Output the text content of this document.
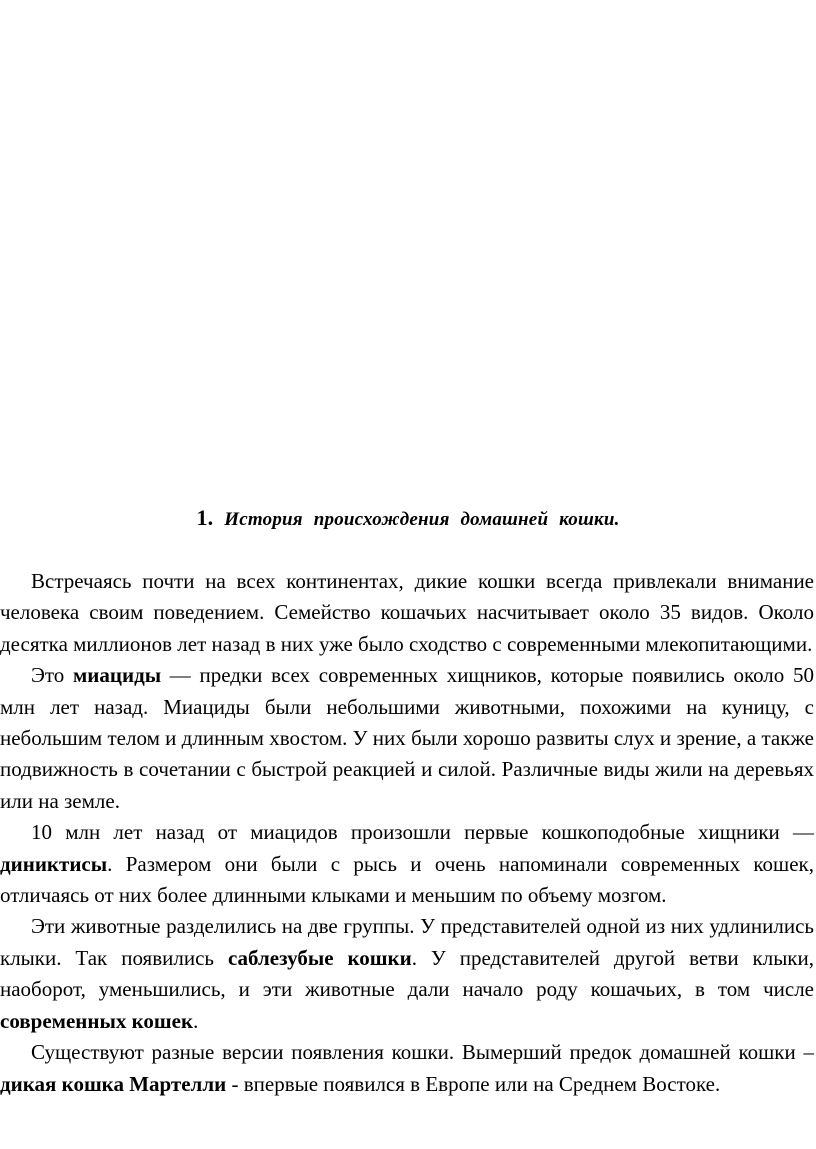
1. История происхождения домашней кошки.

Встречаясь почти на всех континентах, дикие кошки всегда привлекали внимание человека своим поведением. Семейство кошачьих насчитывает около 35 видов. Около десятка миллионов лет назад в них уже было сходство с современными млекопитающими.

Это миациды — предки всех современных хищников, которые появились около 50 млн лет назад. Миациды были небольшими животными, похожими на куницу, с небольшим телом и длинным хвостом. У них были хорошо развиты слух и зрение, а также подвижность в сочетании с быстрой реакцией и силой. Различные виды жили на деревьях или на земле.

10 млн лет назад от миацидов произошли первые кошкоподобные хищники — диниктисы. Размером они были с рысь и очень напоминали современных кошек, отличаясь от них более длинными клыками и меньшим по объему мозгом.

Эти животные разделились на две группы. У представителей одной из них удлинились клыки. Так появились саблезубые кошки. У представителей другой ветви клыки, наоборот, уменьшились, и эти животные дали начало роду кошачьих, в том числе современных кошек.

Существуют разные версии появления кошки. Вымерший предок домашней кошки – дикая кошка Мартелли - впервые появился в Европе или на Среднем Востоке.
